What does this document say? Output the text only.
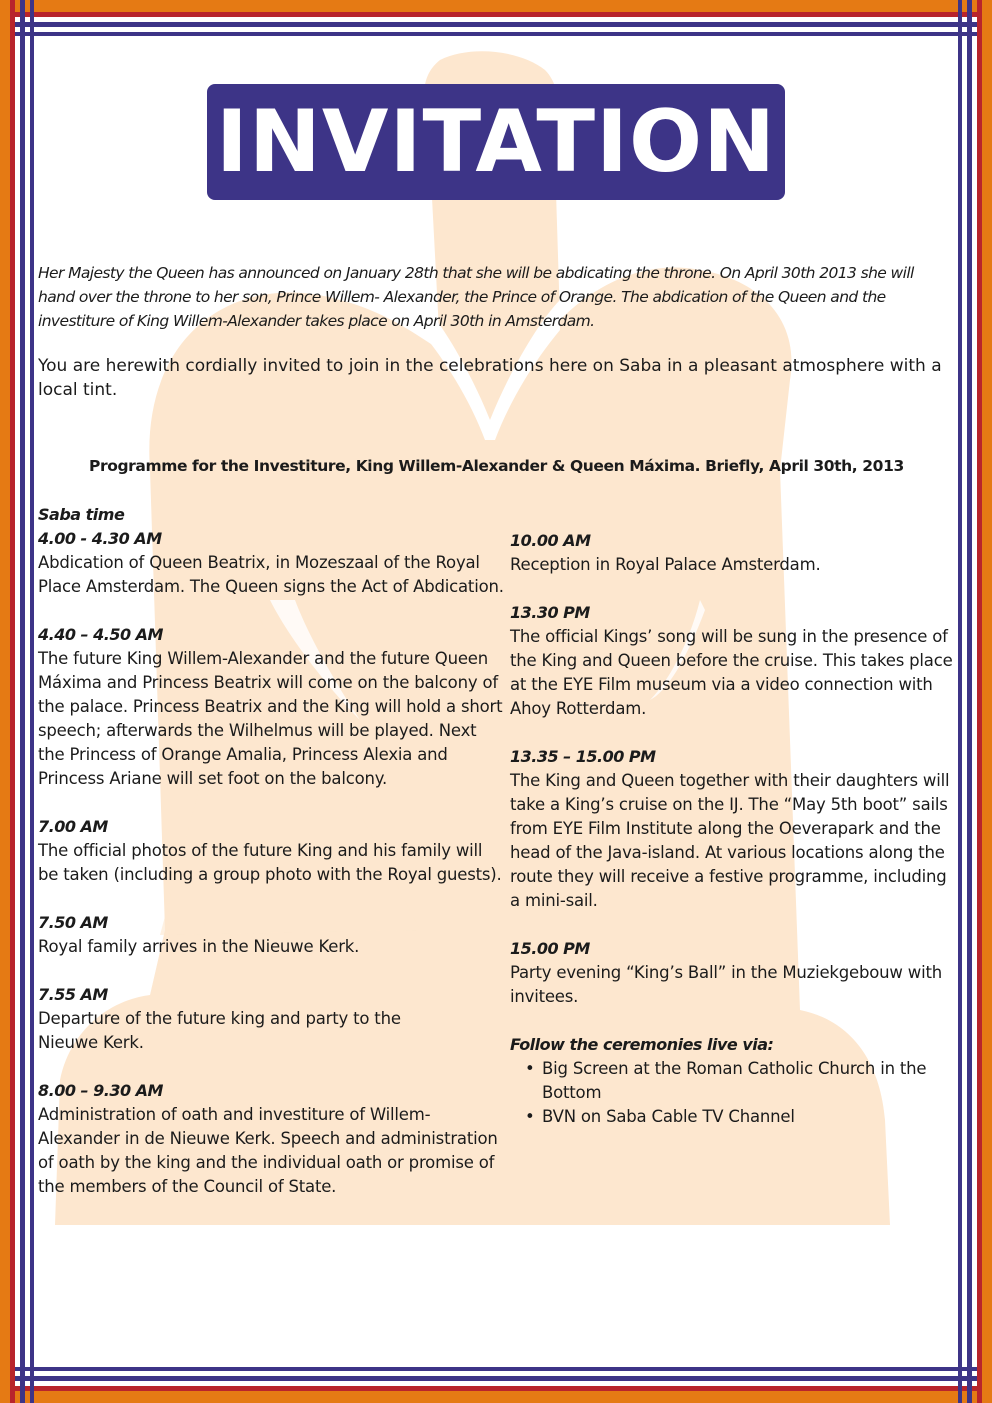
INVITATION
Her Majesty the Queen has announced on January 28th that she will be abdicating the throne. On April 30th 2013 she will hand over the throne to her son, Prince Willem- Alexander, the Prince of Orange. The abdication of the Queen and the investiture of King Willem-Alexander takes place on April 30th in Amsterdam.
You are herewith cordially invited to join in the celebrations here on Saba in a pleasant atmosphere with a local tint.
Programme for the Investiture, King Willem-Alexander & Queen Máxima. Briefly, April 30th, 2013
Saba time
4.00 - 4.30 AM
Abdication of Queen Beatrix, in Mozeszaal of the Royal Place Amsterdam. The Queen signs the Act of Abdication.
4.40 – 4.50 AM
The future King Willem-Alexander and the future Queen Máxima and Princess Beatrix will come on the balcony of the palace. Princess Beatrix and the King will hold a short speech; afterwards the Wilhelmus will be played. Next the Princess of Orange Amalia, Princess Alexia and Princess Ariane will set foot on the balcony.
7.00 AM
The official photos of the future King and his family will be taken (including a group photo with the Royal guests).
7.50 AM
Royal family arrives in the Nieuwe Kerk.
7.55 AM
Departure of the future king and party to the Nieuwe Kerk.
8.00 – 9.30 AM
Administration of oath and investiture of Willem-Alexander in de Nieuwe Kerk. Speech and administration of oath by the king and the individual oath or promise of the members of the Council of State.
10.00 AM
Reception in Royal Palace Amsterdam.
13.30 PM
The official Kings’ song will be sung in the presence of the King and Queen before the cruise. This takes place at the EYE Film museum via a video connection with Ahoy Rotterdam.
13.35 – 15.00 PM
The King and Queen together with their daughters will take a King’s cruise on the IJ. The “May 5th boot” sails from EYE Film Institute along the Oeverapark and the head of the Java-island. At various locations along the route they will receive a festive programme, including a mini-sail.
15.00 PM
Party evening “King’s Ball” in the Muziekgebouw with invitees.
Follow the ceremonies live via:
• Big Screen at the Roman Catholic Church in the Bottom
• BVN on Saba Cable TV Channel
